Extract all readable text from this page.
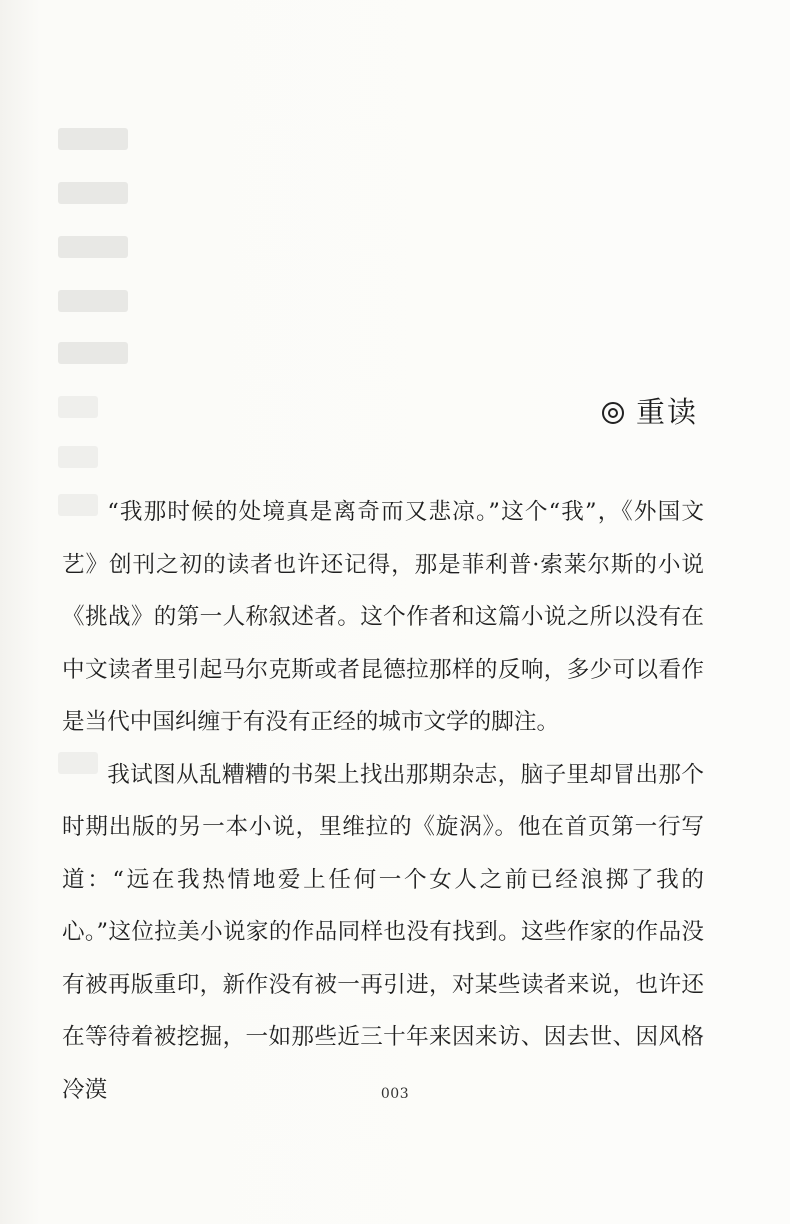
重读

“我那时候的处境真是离奇而又悲凉。”这个“我”，《外国文艺》创刊之初的读者也许还记得，那是菲利普·索莱尔斯的小说《挑战》的第一人称叙述者。这个作者和这篇小说之所以没有在中文读者里引起马尔克斯或者昆德拉那样的反响，多少可以看作是当代中国纠缠于有没有正经的城市文学的脚注。

我试图从乱糟糟的书架上找出那期杂志，脑子里却冒出那个时期出版的另一本小说，里维拉的《旋涡》。他在首页第一行写道：“远在我热情地爱上任何一个女人之前已经浪掷了我的心。”这位拉美小说家的作品同样也没有找到。这些作家的作品没有被再版重印，新作没有被一再引进，对某些读者来说，也许还在等待着被挖掘，一如那些近三十年来因来访、因去世、因风格冷漠	003
